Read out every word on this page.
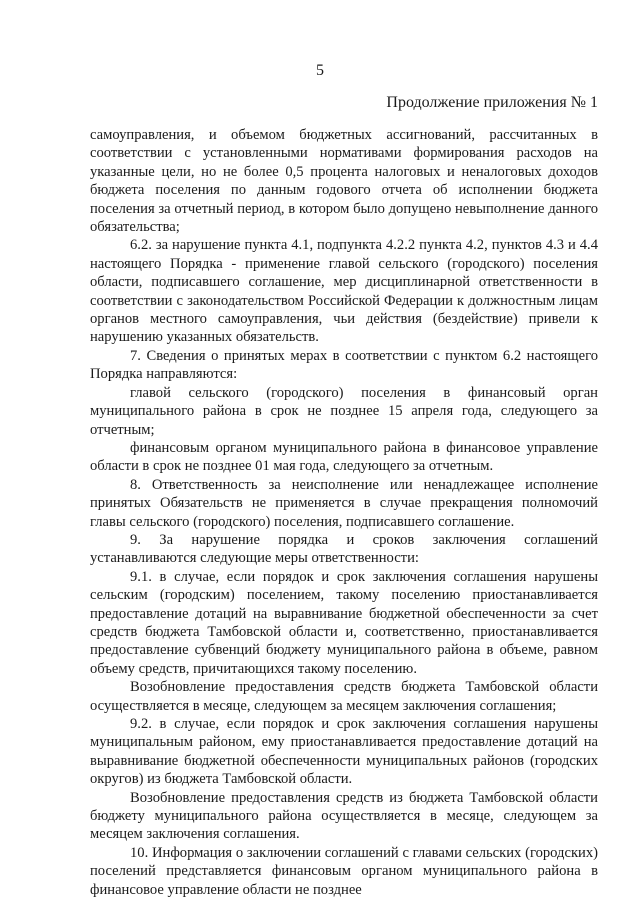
5
Продолжение приложения № 1

самоуправления, и объемом бюджетных ассигнований, рассчитанных в соответствии с установленными нормативами формирования расходов на указанные цели, но не более 0,5 процента налоговых и неналоговых доходов бюджета поселения по данным годового отчета об исполнении бюджета поселения за отчетный период, в котором было допущено невыполнение данного обязательства;

6.2. за нарушение пункта 4.1, подпункта 4.2.2 пункта 4.2, пунктов 4.3 и 4.4 настоящего Порядка - применение главой сельского (городского) поселения области, подписавшего соглашение, мер дисциплинарной ответственности в соответствии с законодательством Российской Федерации к должностным лицам органов местного самоуправления, чьи действия (бездействие) привели к нарушению указанных обязательств.

7. Сведения о принятых мерах в соответствии с пунктом 6.2 настоящего Порядка направляются:

главой сельского (городского) поселения в финансовый орган муниципального района в срок не позднее 15 апреля года, следующего за отчетным;

финансовым органом муниципального района в финансовое управление области в срок не позднее 01 мая года, следующего за отчетным.

8. Ответственность за неисполнение или ненадлежащее исполнение принятых Обязательств не применяется в случае прекращения полномочий главы сельского (городского) поселения, подписавшего соглашение.

9. За нарушение порядка и сроков заключения соглашений устанавливаются следующие меры ответственности:

9.1. в случае, если порядок и срок заключения соглашения нарушены сельским (городским) поселением, такому поселению приостанавливается предоставление дотаций на выравнивание бюджетной обеспеченности за счет средств бюджета Тамбовской области и, соответственно, приостанавливается предоставление субвенций бюджету муниципального района в объеме, равном объему средств, причитающихся такому поселению.

Возобновление предоставления средств бюджета Тамбовской области осуществляется в месяце, следующем за месяцем заключения соглашения;

9.2. в случае, если порядок и срок заключения соглашения нарушены муниципальным районом, ему приостанавливается предоставление дотаций на выравнивание бюджетной обеспеченности муниципальных районов (городских округов) из бюджета Тамбовской области.

Возобновление предоставления средств из бюджета Тамбовской области бюджету муниципального района осуществляется в месяце, следующем за месяцем заключения соглашения.

10. Информация о заключении соглашений с главами сельских (городских) поселений представляется финансовым органом муниципального района в финансовое управление области не позднее
